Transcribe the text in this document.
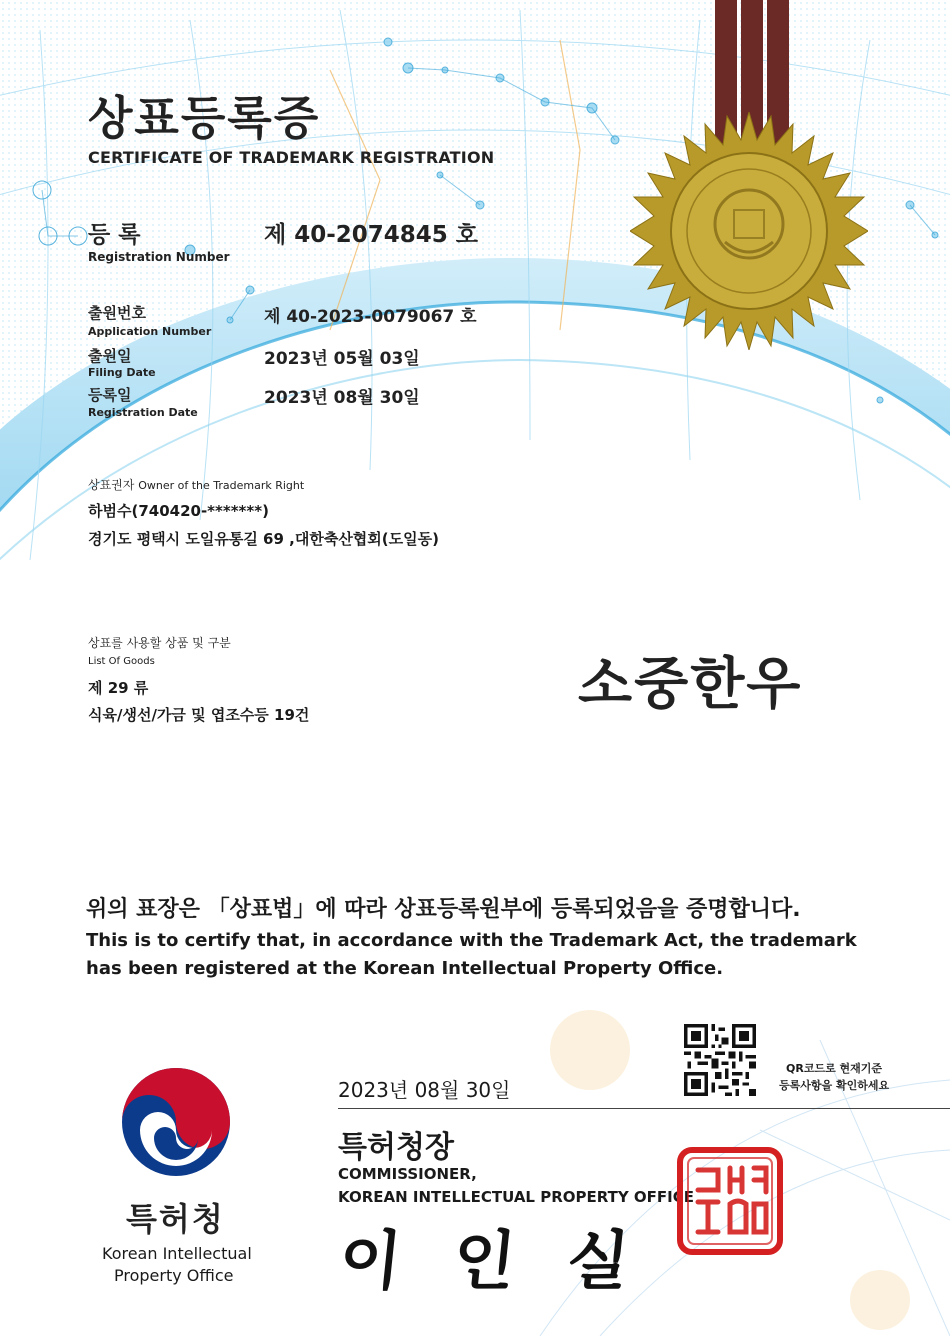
상표등록증
CERTIFICATE OF TRADEMARK REGISTRATION
등 록
Registration Number
제 40-2074845 호
출원번호
Application Number
제 40-2023-0079067 호
출원일
Filing Date
2023년 05월 03일
등록일
Registration Date
2023년 08월 30일
상표권자 Owner of the Trademark Right
하범수(740420-*******)
경기도 평택시 도일유통길 69 ,대한축산협회(도일동)
상표를 사용할 상품 및 구분
List Of Goods
제 29 류
식육/생선/가금 및 엽조수등 19건	소중한우
위의 표장은 「상표법」에 따라 상표등록원부에 등록되었음을 증명합니다.
This is to certify that, in accordance with the Trademark Act, the trademark
has been registered at the Korean Intellectual Property Office.
QR코드로 현재기준
등록사항을 확인하세요
2023년 08월 30일
특허청장
COMMISSIONER,
KOREAN INTELLECTUAL PROPERTY OFFICE
이인실
특허청
Korean Intellectual
Property Office
